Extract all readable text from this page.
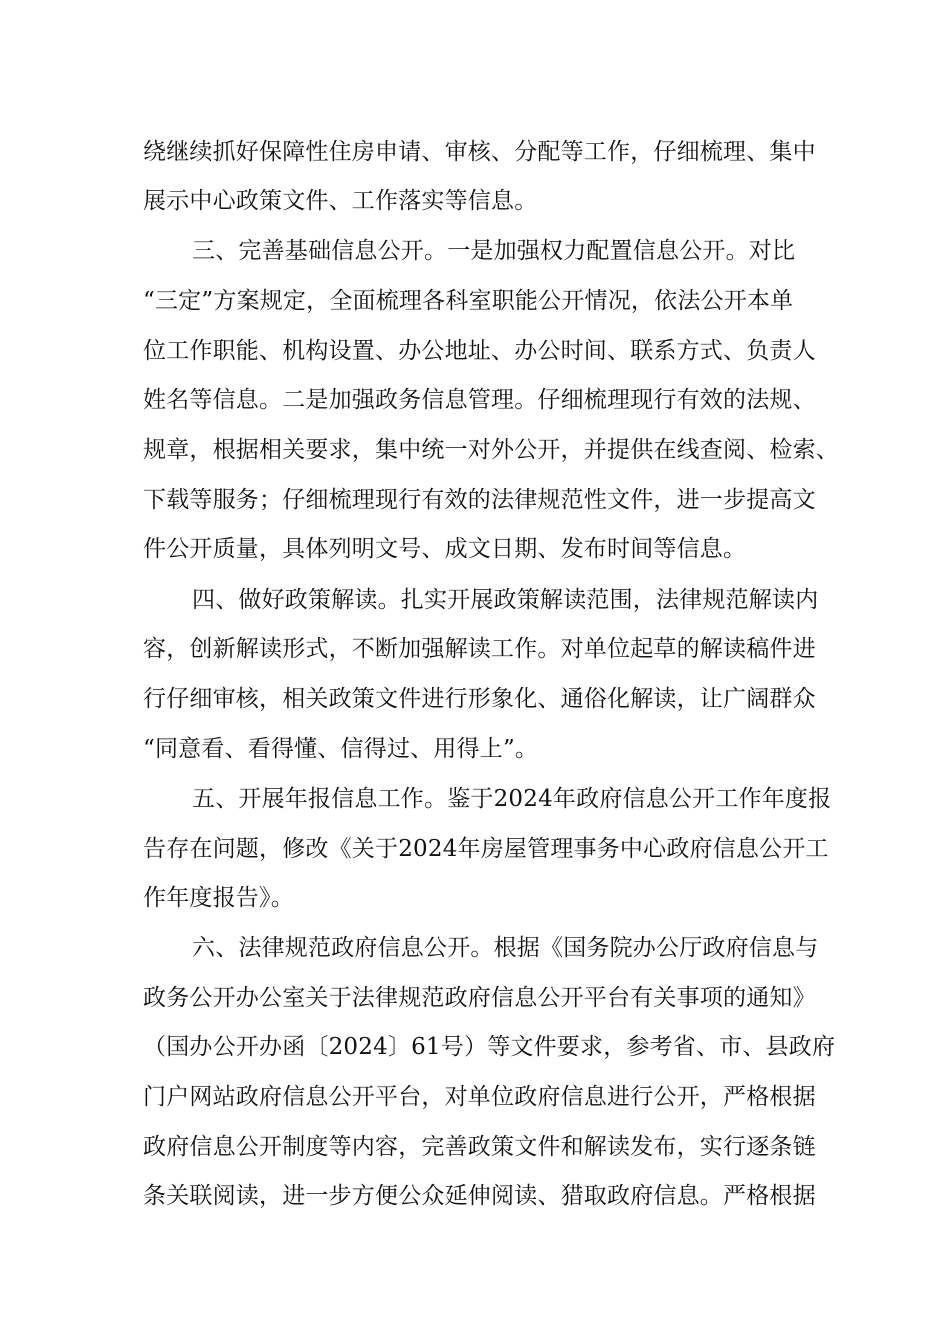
绕继续抓好保障性住房申请、审核、分配等工作，仔细梳理、集中
展示中心政策文件、工作落实等信息。
三、完善基础信息公开。一是加强权力配置信息公开。对比
“三定”方案规定，全面梳理各科室职能公开情况，依法公开本单
位工作职能、机构设置、办公地址、办公时间、联系方式、负责人
姓名等信息。二是加强政务信息管理。仔细梳理现行有效的法规、
规章，根据相关要求，集中统一对外公开，并提供在线查阅、检索、
下载等服务；仔细梳理现行有效的法律规范性文件，进一步提高文
件公开质量，具体列明文号、成文日期、发布时间等信息。
四、做好政策解读。扎实开展政策解读范围，法律规范解读内
容，创新解读形式，不断加强解读工作。对单位起草的解读稿件进
行仔细审核，相关政策文件进行形象化、通俗化解读，让广阔群众
“同意看、看得懂、信得过、用得上”。
五、开展年报信息工作。鉴于2024年政府信息公开工作年度报
告存在问题，修改《关于2024年房屋管理事务中心政府信息公开工
作年度报告》。
六、法律规范政府信息公开。根据《国务院办公厅政府信息与
政务公开办公室关于法律规范政府信息公开平台有关事项的通知》
（国办公开办函〔2024〕61号）等文件要求，参考省、市、县政府
门户网站政府信息公开平台，对单位政府信息进行公开，严格根据
政府信息公开制度等内容，完善政策文件和解读发布，实行逐条链
条关联阅读，进一步方便公众延伸阅读、猎取政府信息。严格根据
